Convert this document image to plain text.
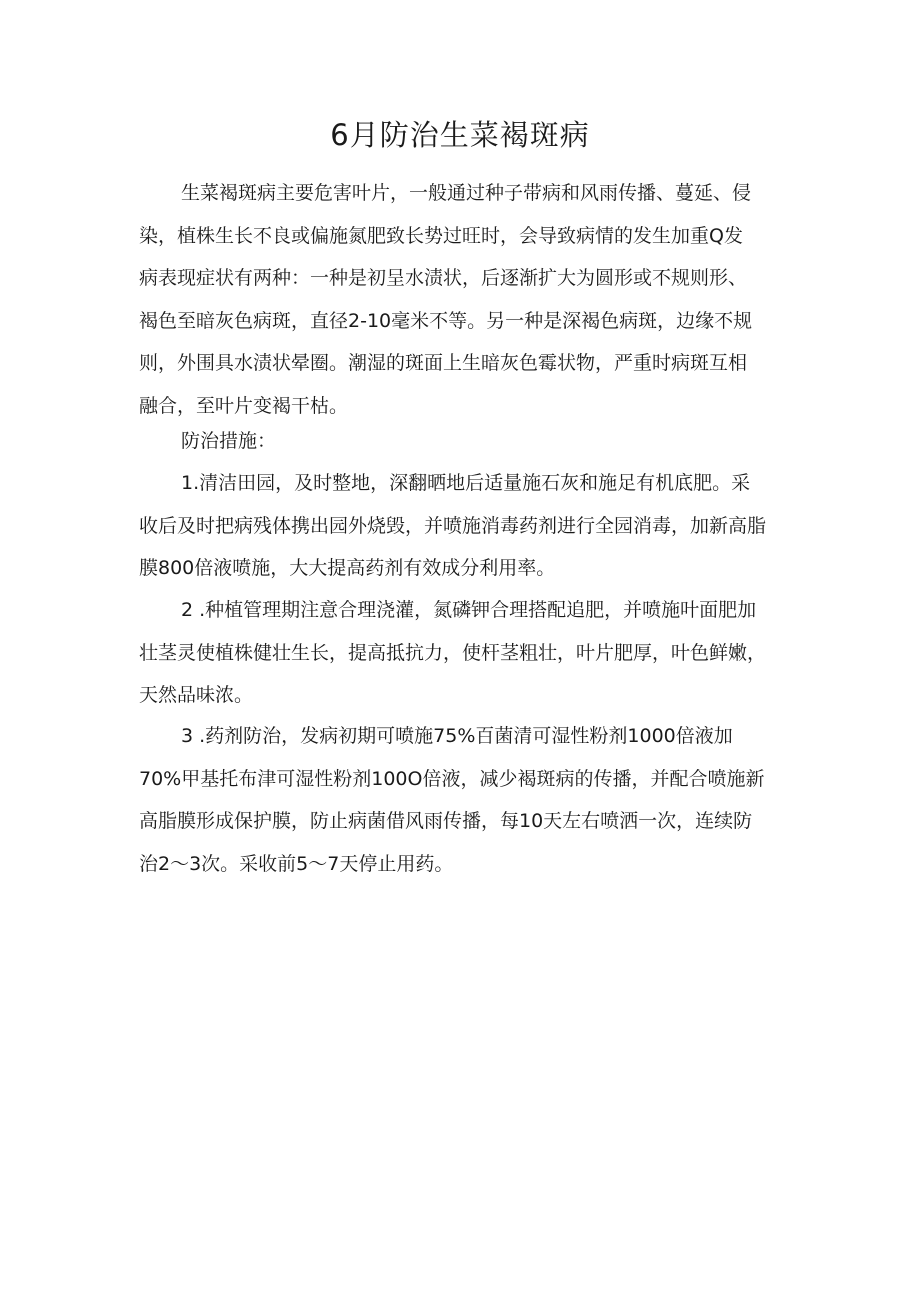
6月防治生菜褐斑病

生菜褐斑病主要危害叶片，一般通过种子带病和风雨传播、蔓延、侵
染，植株生长不良或偏施氮肥致长势过旺时，会导致病情的发生加重Q发
病表现症状有两种：一种是初呈水渍状，后逐渐扩大为圆形或不规则形、
褐色至暗灰色病斑，直径2-10毫米不等。另一种是深褐色病斑，边缘不规
则，外围具水渍状晕圈。潮湿的斑面上生暗灰色霉状物，严重时病斑互相
融合，至叶片变褐干枯。

防治措施：

1.清洁田园，及时整地，深翻晒地后适量施石灰和施足有机底肥。采
收后及时把病残体携出园外烧毁，并喷施消毒药剂进行全园消毒，加新高脂
膜800倍液喷施，大大提高药剂有效成分利用率。

2 .种植管理期注意合理浇灌，氮磷钾合理搭配追肥，并喷施叶面肥加
壮茎灵使植株健壮生长，提高抵抗力，使杆茎粗壮，叶片肥厚，叶色鲜嫩，
天然品味浓。

3 .药剂防治，发病初期可喷施75%百菌清可湿性粉剂1000倍液加
70%甲基托布津可湿性粉剂100O倍液，减少褐斑病的传播，并配合喷施新
高脂膜形成保护膜，防止病菌借风雨传播，每10天左右喷洒一次，连续防
治2～3次。采收前5～7天停止用药。
